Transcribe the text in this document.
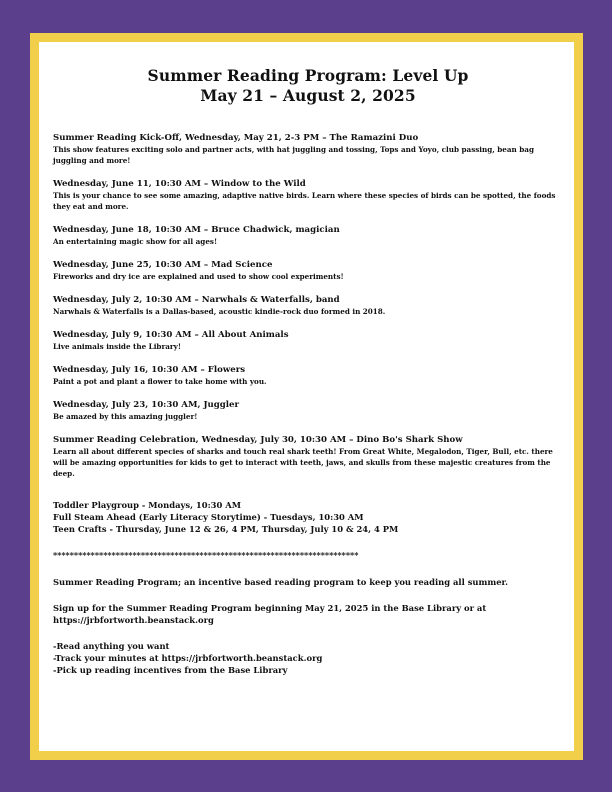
Summer Reading Program: Level Up

May 21 – August 2, 2025

Summer Reading Kick-Off, Wednesday, May 21, 2-3 PM – The Ramazini Duo

This show features exciting solo and partner acts, with hat juggling and tossing, Tops and Yoyo, club passing, bean bag juggling and more!

Wednesday, June 11, 10:30 AM – Window to the Wild

This is your chance to see some amazing, adaptive native birds. Learn where these species of birds can be spotted, the foods they eat and more.

Wednesday, June 18, 10:30 AM – Bruce Chadwick, magician

An entertaining magic show for all ages!

Wednesday, June 25, 10:30 AM – Mad Science

Fireworks and dry ice are explained and used to show cool experiments!

Wednesday, July 2, 10:30 AM – Narwhals & Waterfalls, band

Narwhals & Waterfalls is a Dallas-based, acoustic kindie-rock duo formed in 2018.

Wednesday, July 9, 10:30 AM – All About Animals

Live animals inside the Library!

Wednesday, July 16, 10:30 AM – Flowers

Paint a pot and plant a flower to take home with you.

Wednesday, July 23, 10:30 AM, Juggler

Be amazed by this amazing juggler!

Summer Reading Celebration, Wednesday, July 30, 10:30 AM – Dino Bo's Shark Show

Learn all about different species of sharks and touch real shark teeth! From Great White, Megalodon, Tiger, Bull, etc. there will be amazing opportunities for kids to get to interact with teeth, jaws, and skulls from these majestic creatures from the deep.

Toddler Playgroup - Mondays, 10:30 AM

Full Steam Ahead (Early Literacy Storytime) - Tuesdays, 10:30 AM

Teen Crafts - Thursday, June 12 & 26, 4 PM, Thursday, July 10 & 24, 4 PM

*************************************************************************

Summer Reading Program; an incentive based reading program to keep you reading all summer.

Sign up for the Summer Reading Program beginning May 21, 2025 in the Base Library or at https://jrbfortworth.beanstack.org

-Read anything you want

-Track your minutes at https://jrbfortworth.beanstack.org

-Pick up reading incentives from the Base Library
